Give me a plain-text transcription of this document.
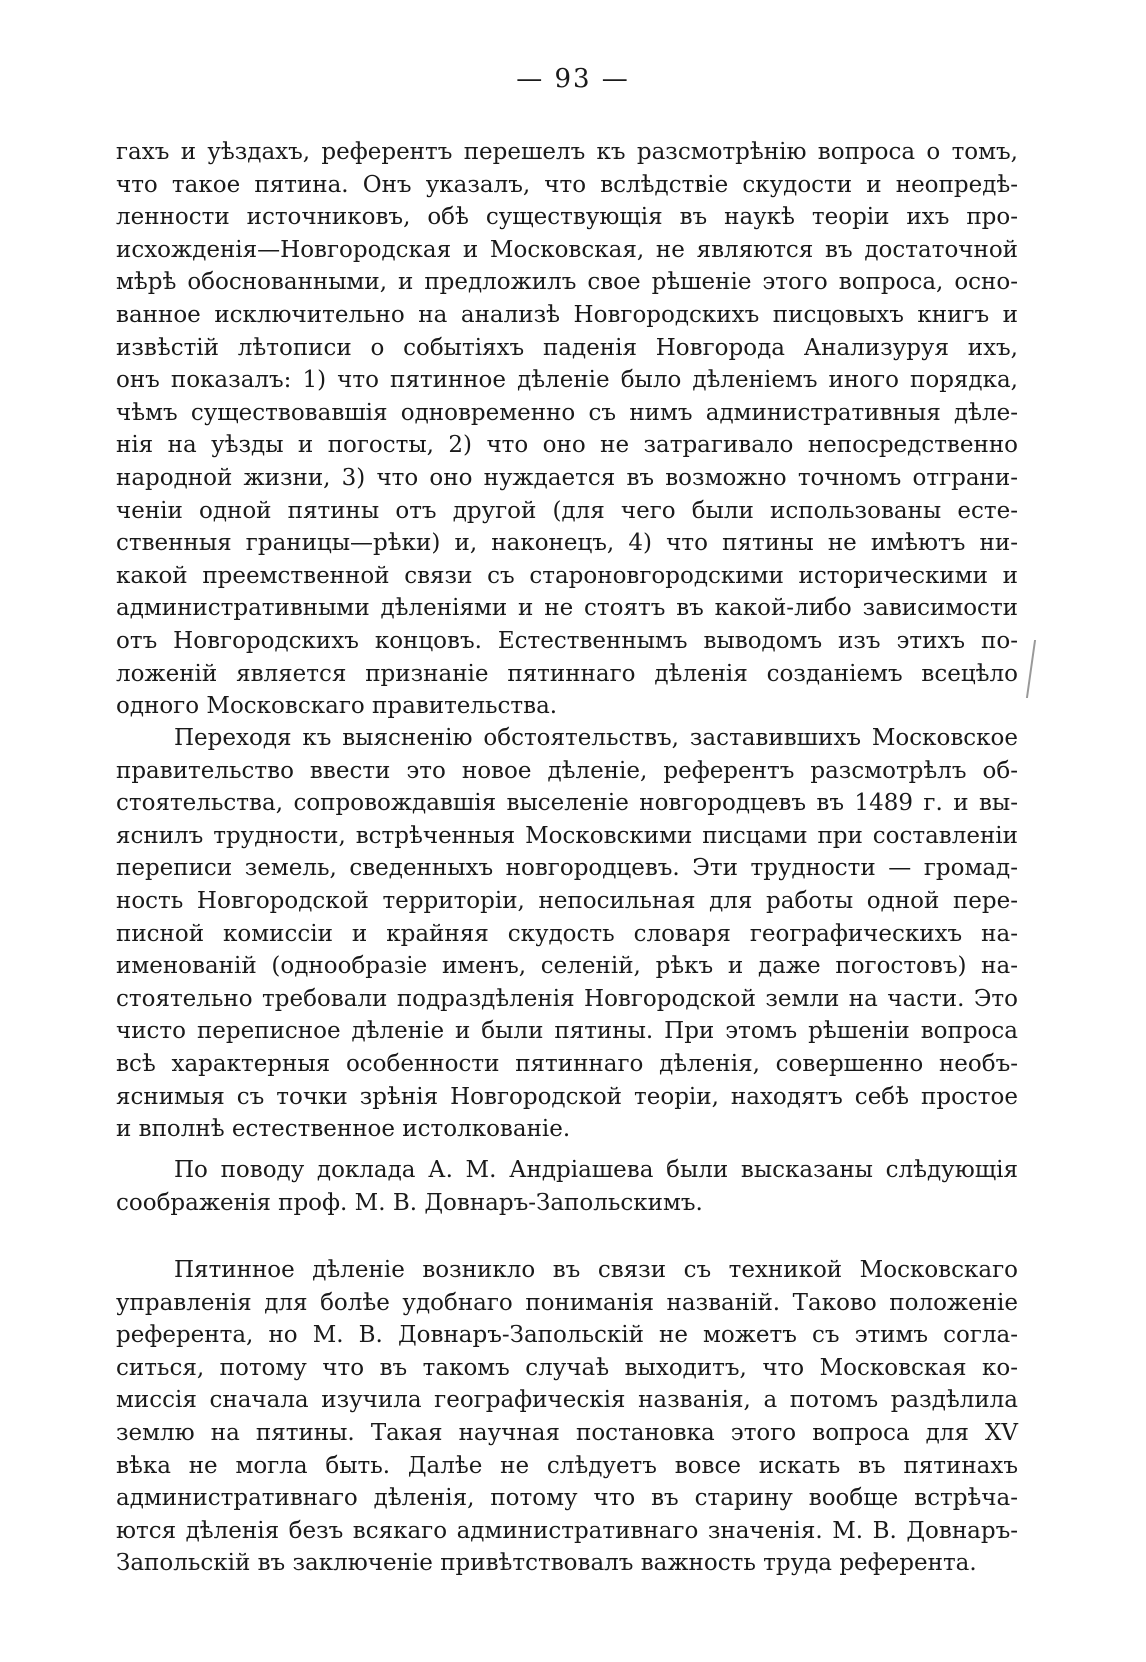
— 93 —
гахъ и уѣздахъ, референтъ перешелъ къ разсмотрѣнію вопроса о томъ,
что такое пятина. Онъ указалъ, что вслѣдствіе скудости и неопредѣ-
ленности источниковъ, обѣ существующія въ наукѣ теоріи ихъ про-
исхожденія—Новгородская и Московская, не являются въ достаточной
мѣрѣ обоснованными, и предложилъ свое рѣшеніе этого вопроса, осно-
ванное исключительно на анализѣ Новгородскихъ писцовыхъ книгъ и
извѣстій лѣтописи о событіяхъ паденія Новгорода Анализуруя ихъ,
онъ показалъ: 1) что пятинное дѣленіе было дѣленіемъ иного порядка,
чѣмъ существовавшія одновременно съ нимъ административныя дѣле-
нія на уѣзды и погосты, 2) что оно не затрагивало непосредственно
народной жизни, 3) что оно нуждается въ возможно точномъ отграни-
ченіи одной пятины отъ другой (для чего были использованы есте-
ственныя границы—рѣки) и, наконецъ, 4) что пятины не имѣютъ ни-
какой преемственной связи съ староновгородскими историческими и
административными дѣленіями и не стоятъ въ какой-либо зависимости
отъ Новгородскихъ концовъ. Естественнымъ выводомъ изъ этихъ по-
ложеній является признаніе пятиннаго дѣленія созданіемъ всецѣло
одного Московскаго правительства.
Переходя къ выясненію обстоятельствъ, заставившихъ Московское
правительство ввести это новое дѣленіе, референтъ разсмотрѣлъ об-
стоятельства, сопровождавшія выселеніе новгородцевъ въ 1489 г. и вы-
яснилъ трудности, встрѣченныя Московскими писцами при составленіи
переписи земель, сведенныхъ новгородцевъ. Эти трудности — громад-
ность Новгородской территоріи, непосильная для работы одной пере-
писной комиссіи и крайняя скудость словаря географическихъ на-
именованій (однообразіе именъ, селеній, рѣкъ и даже погостовъ) на-
стоятельно требовали подраздѣленія Новгородской земли на части. Это
чисто переписное дѣленіе и были пятины. При этомъ рѣшеніи вопроса
всѣ характерныя особенности пятиннаго дѣленія, совершенно необъ-
яснимыя съ точки зрѣнія Новгородской теоріи, находятъ себѣ простое
и вполнѣ естественное истолкованіе.
По поводу доклада А. М. Андріашева были высказаны слѣдующія
соображенія проф. М. В. Довнаръ-Запольскимъ.
Пятинное дѣленіе возникло въ связи съ техникой Московскаго
управленія для болѣе удобнаго пониманія названій. Таково положеніе
референта, но М. В. Довнаръ-Запольскій не можетъ съ этимъ согла-
ситься, потому что въ такомъ случаѣ выходитъ, что Московская ко-
миссія сначала изучила географическія названія, а потомъ раздѣлила
землю на пятины. Такая научная постановка этого вопроса для XV
вѣка не могла быть. Далѣе не слѣдуетъ вовсе искать въ пятинахъ
административнаго дѣленія, потому что въ старину вообще встрѣча-
ются дѣленія безъ всякаго административнаго значенія. М. В. Довнаръ-
Запольскій въ заключеніе привѣтствовалъ важность труда референта.
